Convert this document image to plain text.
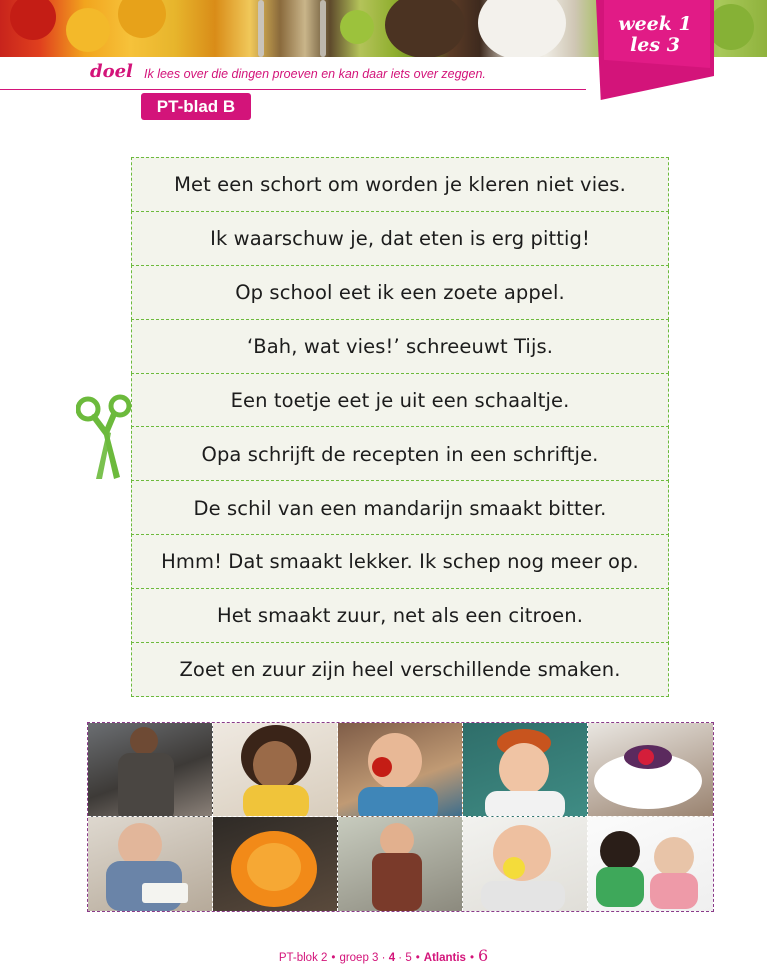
week 1
les 3
doel Ik lees over die dingen proeven en kan daar iets over zeggen.
PT-blad B
Met een schort om worden je kleren niet vies.
Ik waarschuw je, dat eten is erg pittig!
Op school eet ik een zoete appel.
‘Bah, wat vies!’ schreeuwt Tijs.
Een toetje eet je uit een schaaltje.
Opa schrijft de recepten in een schriftje.
De schil van een mandarijn smaakt bitter.
Hmm! Dat smaakt lekker. Ik schep nog meer op.
Het smaakt zuur, net als een citroen.
Zoet en zuur zijn heel verschillende smaken.
PT-blok 2 • groep 3 · 4 · 5 • Atlantis • 6
